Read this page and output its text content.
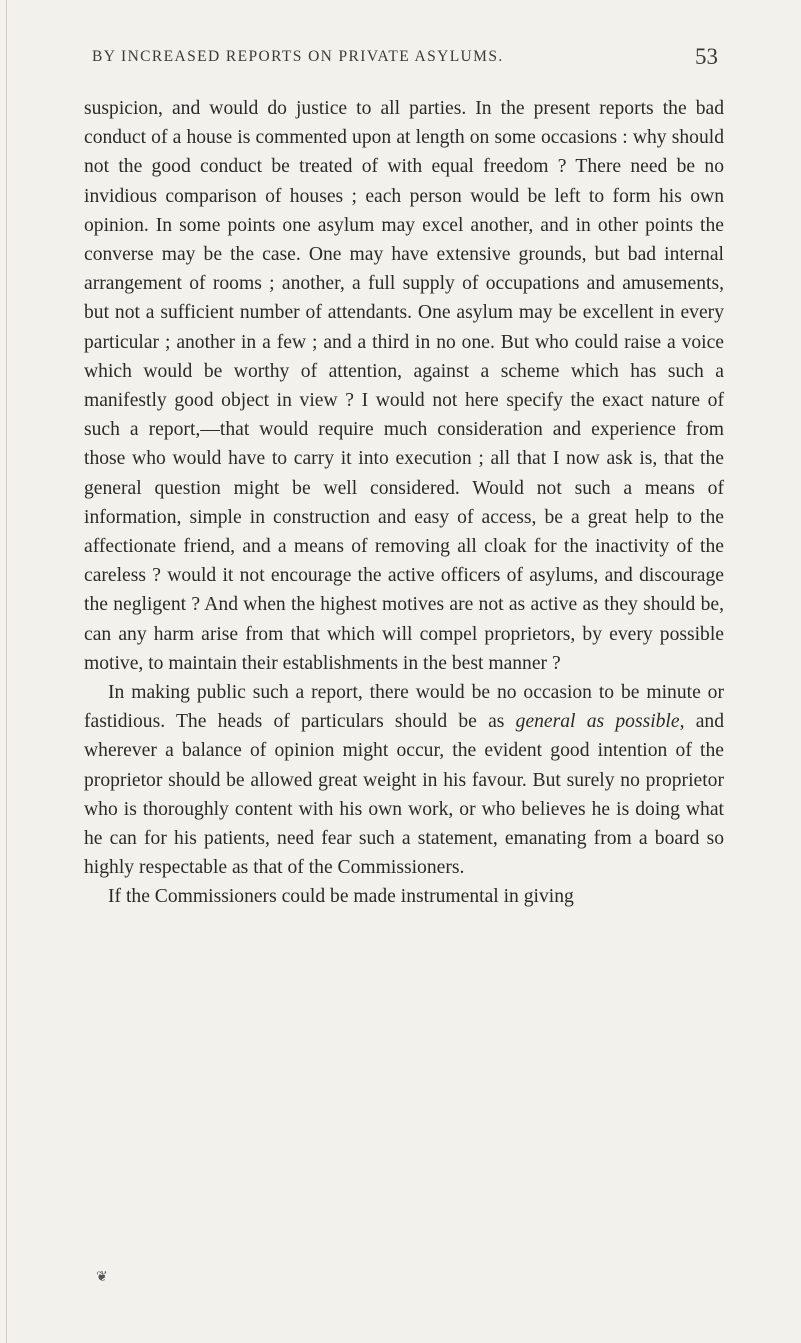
BY INCREASED REPORTS ON PRIVATE ASYLUMS.	53

suspicion, and would do justice to all parties. In the present reports the bad conduct of a house is commented upon at length on some occasions : why should not the good conduct be treated of with equal freedom ? There need be no invidious comparison of houses ; each person would be left to form his own opinion. In some points one asylum may excel another, and in other points the converse may be the case. One may have extensive grounds, but bad internal arrangement of rooms ; another, a full supply of occupations and amusements, but not a sufficient number of attendants. One asylum may be excellent in every particular ; another in a few ; and a third in no one. But who could raise a voice which would be worthy of attention, against a scheme which has such a manifestly good object in view ? I would not here specify the exact nature of such a report,—that would require much consideration and experience from those who would have to carry it into execution ; all that I now ask is, that the general question might be well considered. Would not such a means of information, simple in construction and easy of access, be a great help to the affectionate friend, and a means of removing all cloak for the inactivity of the careless ? would it not encourage the active officers of asylums, and discourage the negligent ? And when the highest motives are not as active as they should be, can any harm arise from that which will compel proprietors, by every possible motive, to maintain their establishments in the best manner ?

In making public such a report, there would be no occasion to be minute or fastidious. The heads of particulars should be as general as possible, and wherever a balance of opinion might occur, the evident good intention of the proprietor should be allowed great weight in his favour. But surely no proprietor who is thoroughly content with his own work, or who believes he is doing what he can for his patients, need fear such a statement, emanating from a board so highly respectable as that of the Commissioners.

If the Commissioners could be made instrumental in giving

❦
